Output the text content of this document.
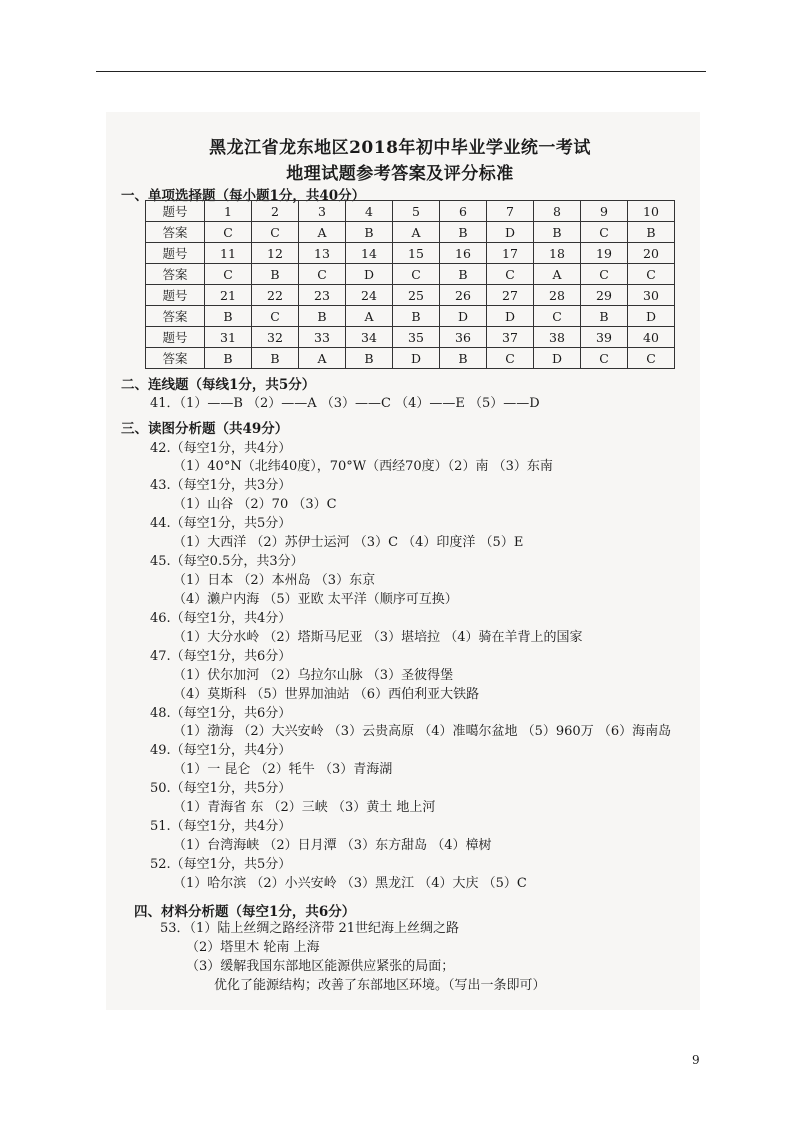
黑龙江省龙东地区2018年初中毕业学业统一考试
地理试题参考答案及评分标准
一、单项选择题（每小题1分，共40分）
题号	1	2	3	4	5	6	7	8	9	10
答案	C	C	A	B	A	B	D	B	C	B
题号	11	12	13	14	15	16	17	18	19	20
答案	C	B	C	D	C	B	C	A	C	C
题号	21	22	23	24	25	26	27	28	29	30
答案	B	C	B	A	B	D	D	C	B	D
题号	31	32	33	34	35	36	37	38	39	40
答案	B	B	A	B	D	B	C	D	C	C
二、连线题（每线1分，共5分）
41．（1）——B （2）——A （3）——C （4）——E （5）——D
三、读图分析题（共49分）
42.（每空1分，共4分）
（1）40°N（北纬40度），70°W（西经70度）（2）南 （3）东南
43.（每空1分，共3分）
（1）山谷 （2）70 （3）C
44.（每空1分，共5分）
（1）大西洋 （2）苏伊士运河 （3）C （4）印度洋 （5）E
45.（每空0.5分，共3分）
（1）日本 （2）本州岛 （3）东京
（4）濑户内海 （5）亚欧 太平洋（顺序可互换）
46.（每空1分，共4分）
（1）大分水岭 （2）塔斯马尼亚 （3）堪培拉 （4）骑在羊背上的国家
47.（每空1分，共6分）
（1）伏尔加河 （2）乌拉尔山脉 （3）圣彼得堡
（4）莫斯科 （5）世界加油站 （6）西伯利亚大铁路
48.（每空1分，共6分）
（1）渤海 （2）大兴安岭 （3）云贵高原 （4）准噶尔盆地 （5）960万 （6）海南岛
49.（每空1分，共4分）
（1）一 昆仑 （2）牦牛 （3）青海湖
50.（每空1分，共5分）
（1）青海省 东 （2）三峡 （3）黄土 地上河
51.（每空1分，共4分）
（1）台湾海峡 （2）日月潭 （3）东方甜岛 （4）樟树
52.（每空1分，共5分）
（1）哈尔滨 （2）小兴安岭 （3）黑龙江 （4）大庆 （5）C
四、材料分析题（每空1分，共6分）
53．（1）陆上丝绸之路经济带 21世纪海上丝绸之路
（2）塔里木 轮南 上海
（3）缓解我国东部地区能源供应紧张的局面；
优化了能源结构；改善了东部地区环境。（写出一条即可）
9
